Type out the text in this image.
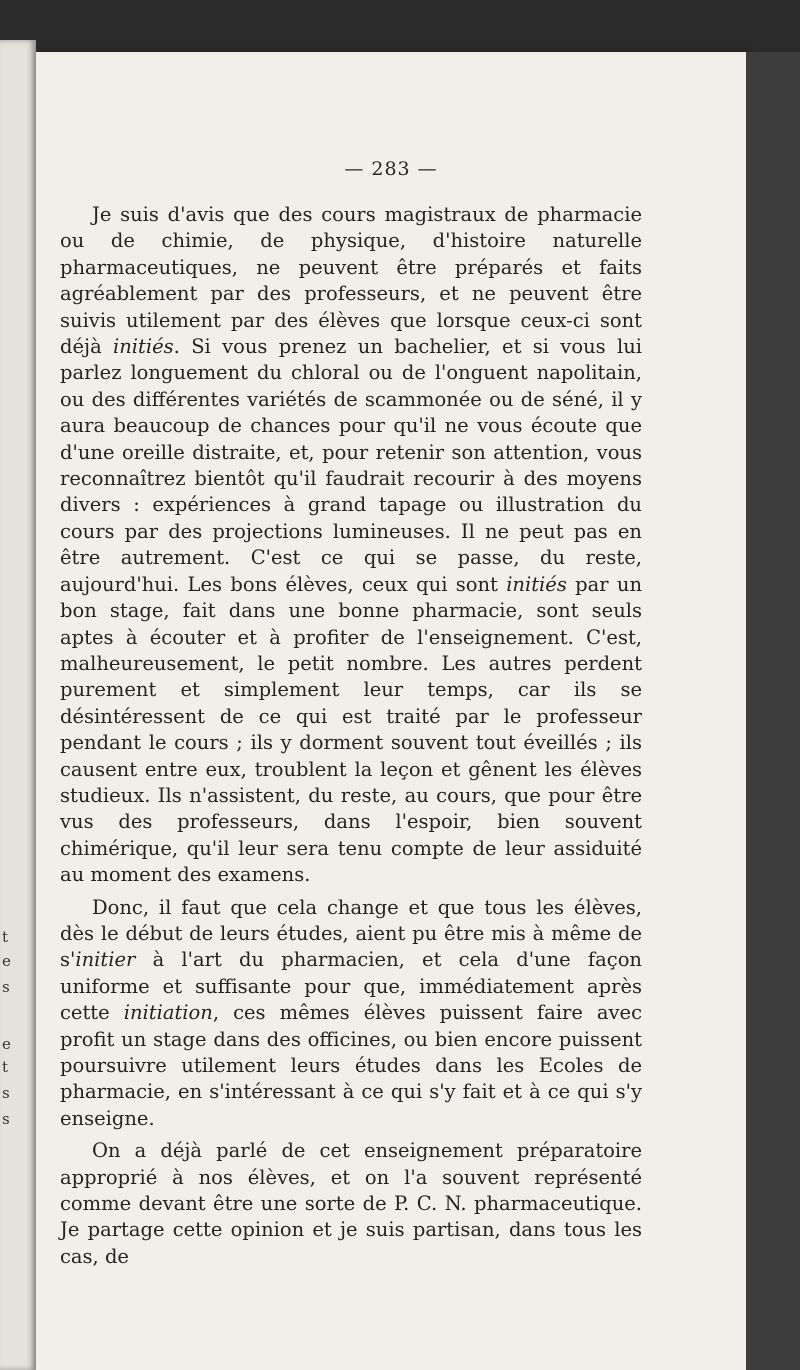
t
e
s
e
t
s
s
— 283 —

Je suis d'avis que des cours magistraux de pharmacie ou de chimie, de physique, d'histoire naturelle pharmaceutiques, ne peuvent être préparés et faits agréablement par des professeurs, et ne peuvent être suivis utilement par des élèves que lorsque ceux-ci sont déjà initiés. Si vous prenez un bachelier, et si vous lui parlez longuement du chloral ou de l'onguent napolitain, ou des différentes variétés de scammonée ou de séné, il y aura beaucoup de chances pour qu'il ne vous écoute que d'une oreille distraite, et, pour retenir son attention, vous reconnaîtrez bientôt qu'il faudrait recourir à des moyens divers : expériences à grand tapage ou illustration du cours par des projections lumineuses. Il ne peut pas en être autrement. C'est ce qui se passe, du reste, aujourd'hui. Les bons élèves, ceux qui sont initiés par un bon stage, fait dans une bonne pharmacie, sont seuls aptes à écouter et à profiter de l'enseignement. C'est, malheureusement, le petit nombre. Les autres perdent purement et simplement leur temps, car ils se désintéressent de ce qui est traité par le professeur pendant le cours ; ils y dorment souvent tout éveillés ; ils causent entre eux, troublent la leçon et gênent les élèves studieux. Ils n'assistent, du reste, au cours, que pour être vus des professeurs, dans l'espoir, bien souvent chimérique, qu'il leur sera tenu compte de leur assiduité au moment des examens.

Donc, il faut que cela change et que tous les élèves, dès le début de leurs études, aient pu être mis à même de s'initier à l'art du pharmacien, et cela d'une façon uniforme et suffisante pour que, immédiatement après cette initiation, ces mêmes élèves puissent faire avec profit un stage dans des officines, ou bien encore puissent poursuivre utilement leurs études dans les Ecoles de pharmacie, en s'intéressant à ce qui s'y fait et à ce qui s'y enseigne.

On a déjà parlé de cet enseignement préparatoire approprié à nos élèves, et on l'a souvent représenté comme devant être une sorte de P. C. N. pharmaceutique. Je partage cette opinion et je suis partisan, dans tous les cas, de
